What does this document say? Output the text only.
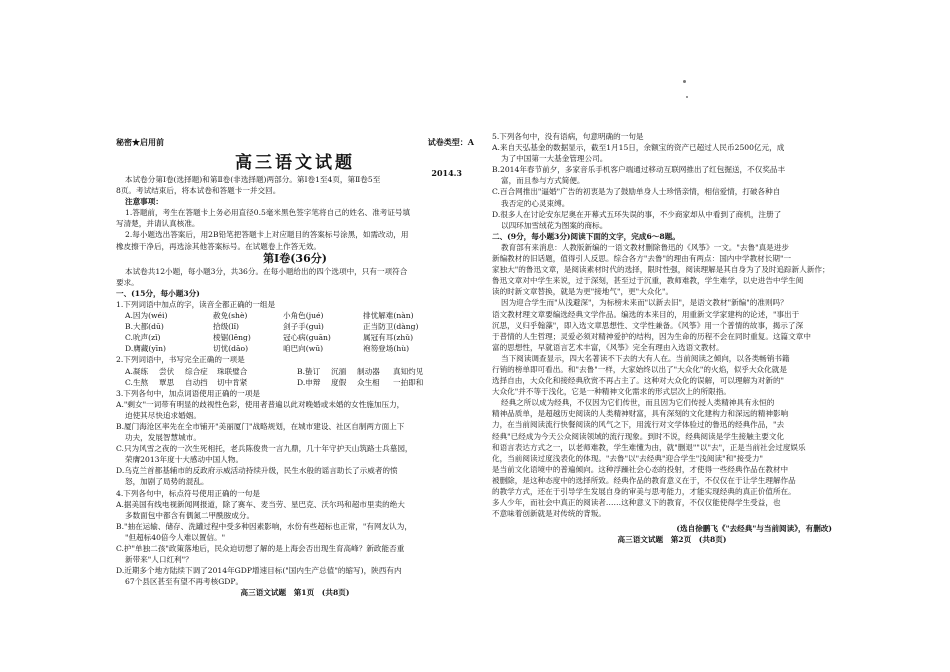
秘密★启用前	试卷类型：A
高三语文试题	2014.3

本试卷分第Ⅰ卷(选择题)和第Ⅱ卷(非选择题)两部分。第Ⅰ卷1至4页，第Ⅱ卷5至

8页。考试结束后，将本试卷和答题卡一并交回。

注意事项：

1.答题前，考生在答题卡上务必用直径0.5毫米黑色签字笔将自己的姓名、准考证号填

写清楚，并请认真核准。

2.每小题选出答案后，用2B铅笔把答题卡上对应题目的答案标号涂黑，如需改动，用

橡皮擦干净后，再选涂其他答案标号。在试题卷上作答无效。

第Ⅰ卷(36分)

本试卷共12小题，每小题3分，共36分。在每小题给出的四个选项中，只有一项符合

要求。

一、(15分，每小题3分)

1.下列词语中加点的字，读音全都正确的一组是

A.因为(wéi)	赦免(shè)	小角色(jué)	排忧解难(nàn)
B.大都(dū)	拾级(lǐ)	剑子手(guì)	正当防卫(dàng)
C.吮声(zǐ)	棱锯(lēng)	冠心病(guān)	属冠有耳(zhǔ)
D.膺藏(yīn)	切忧(dāo)	咱巴向(wū)	袍笏登场(hù)

2.下列词语中，书写完全正确的一项是

A.凝练	尝伏	综合症	珠联璧合	B.蛰订	沉湎	制动器	真知灼见
C.生熬	覃思	自动挡	切中肯紧	D.申辩	度假	众生相	一拍即和

3.下列各句中，加点词语使用正确的一项是

A."剩女"一词带有明显的歧视性色彩，使用者普遍以此对晚婚或未婚的女性施加压力，

迫使其尽快追求婚姻。

B.厦门海沧区率先在全市铺开"美丽厦门"战略规划，在城市建设、社区自制两方面上下

功夫，发展智慧城市。

C.只为风雪之夜的一次生死相托，老兵陈俊贵一言九鼎，几十年守护天山筑路士兵墓园，

荣膺2013年度十大感动中国人物。

D.乌克兰首都基辅市的反政府示威活动持续升级，民生水般的谣言助长了示威者的愤

怒，加剧了局势的混乱。

4.下列各句中，标点符号使用正确的一句是

A.据美国有线电视新闻网报道，除了赛车、麦当劳、星巴克、沃尔玛和超市里卖的绝大

多数面包中都含有偶氮二甲酰胺成分。

B."抽在运输、储存、洗罐过程中受多种因素影响，水份有些超标也正常，"有网友认为，

"但超标40倍今人难以置信。"

C.护"单独二孩"政策落地后，民众迫切想了解的是上海会否出现生育高峰？新政能否重

新带来"人口红利"？

D.近期多个地方陆续下调了2014年GDP增速目标("国内生产总值"的缩写)，陕西有内

67个县区甚至有望不再考核GDP。

高三语文试题　第1页　(共8页)

5.下列各句中，没有语病，句意明确的一句是

A.来自天弘基金的数据显示，截至1月15日，余额宝的资产已超过人民币2500亿元，成

为了中国第一大基金管理公司。

B.2014年春节前夕，多家音乐手机客户端通过移动互联网推出了红包掘送，不仅奖品丰

富，而且参与方式简便。

C.百合网推出"逼婚"广告的初衷是为了鼓励单身人士珍惜亲情，相信爱情，打破各种自

我否定的心灵束缚。

D.很多人在讨论安东尼奥在开幕式五环失误的事，不少商家却从中看到了商机，注册了

以四环加雪绒花为图案的商标。

二、(9分，每小题3分)阅读下面的文字，完成6～8题。

教育部有来消息：人教版新编的一语文教材删除鲁迅的《风筝》一文。"去鲁"真是进步

新编教材的旧话题，值得引人反思。综合各方"去鲁"的理由有两点：国内中学教材长期"一

家独大"的鲁迅文章，是阅读素材时代的选择，限时性强，阅读理解是其自身为了及时追踪新人新作；

鲁迅文章对中学生来说，过于深刻，甚至过于沉重，教师难教，学生难学，以史进告中学生阅

读的时新文章替换，就是为更"接地气"，更"大众化"。

因为迎合学生而"从浅避深"，为标榜未来而"以新去旧"，是语文教材"新编"的准则吗？

语文教材理文章要编选经典文学作品。编选的本来目的，用重新文学家建构的论述，"事出于

沉思，义归乎翰藻"，即入选文章思想性、文学性兼备。《风筝》用一个普情的故事，揭示了深

于普情的人生哲理；灵爱必须对精神爱护的结构，因为生命的历程不会在同时重复。这篇文章中

富的思想性，早就语言艺术丰富，《风筝》完全有理由入选语文教材。

当下阅读调查显示，四大名著读不下去的大有人在。当前阅读之倾向，以各类畅销书籍

行销的榜单即可看出。和"去鲁"一样，大家始终以出了"大众化"的火焰，似乎大众化就是

选择自由，大众化和接经典欣赏不再占主了。这种对大众化的误解，可以理解为对新的"

大众化"并不等于浅化，它是一种精神文化需求的形式层次上的所限指。

经典之所以成为经典，不仅因为它们传世，而且因为它们传授人类精神具有永恒的

精神品质单，是超越历史阅读的人类精神财富，具有深刻的文化建构力和深远的精神影响

力，在当前阅读流行快餐阅读的风气之下，用流行对文学体验过的鲁迅的经典作品，"去

经典"已经成为今天公众阅读领域的流行现象。到时不说，经典阅读是学生接触主要文化

和语言表达方式之一，以老师难教，学生难懂为由，就"删退""以"去"，正是当前社会过度娱乐

化，当前阅读过度浅表化的体现。"去鲁"以"去经典"迎合学生"浅阅读"和"接受力"

是当前文化语境中的普遍倾向。这种浮躁社会心态的投射，才使得一些经典作品在教材中

被删除，是这种态度中的选择所致。经典作品的教育意义在于，不仅仅在于让学生理解作品

的教学方式，还在于引导学生发展自身的审美与思考能力，才能实现经典的真正价值所在。

多人少年，而社会中真正的阅读者……这种意义下的教育，不仅仅能使得学生受益，也

不意味着创新就是对传统的背叛。

(选自徐鹏飞《"去经典"与当前阅读》，有删改)

高三语文试题　第2页　(共8页)
